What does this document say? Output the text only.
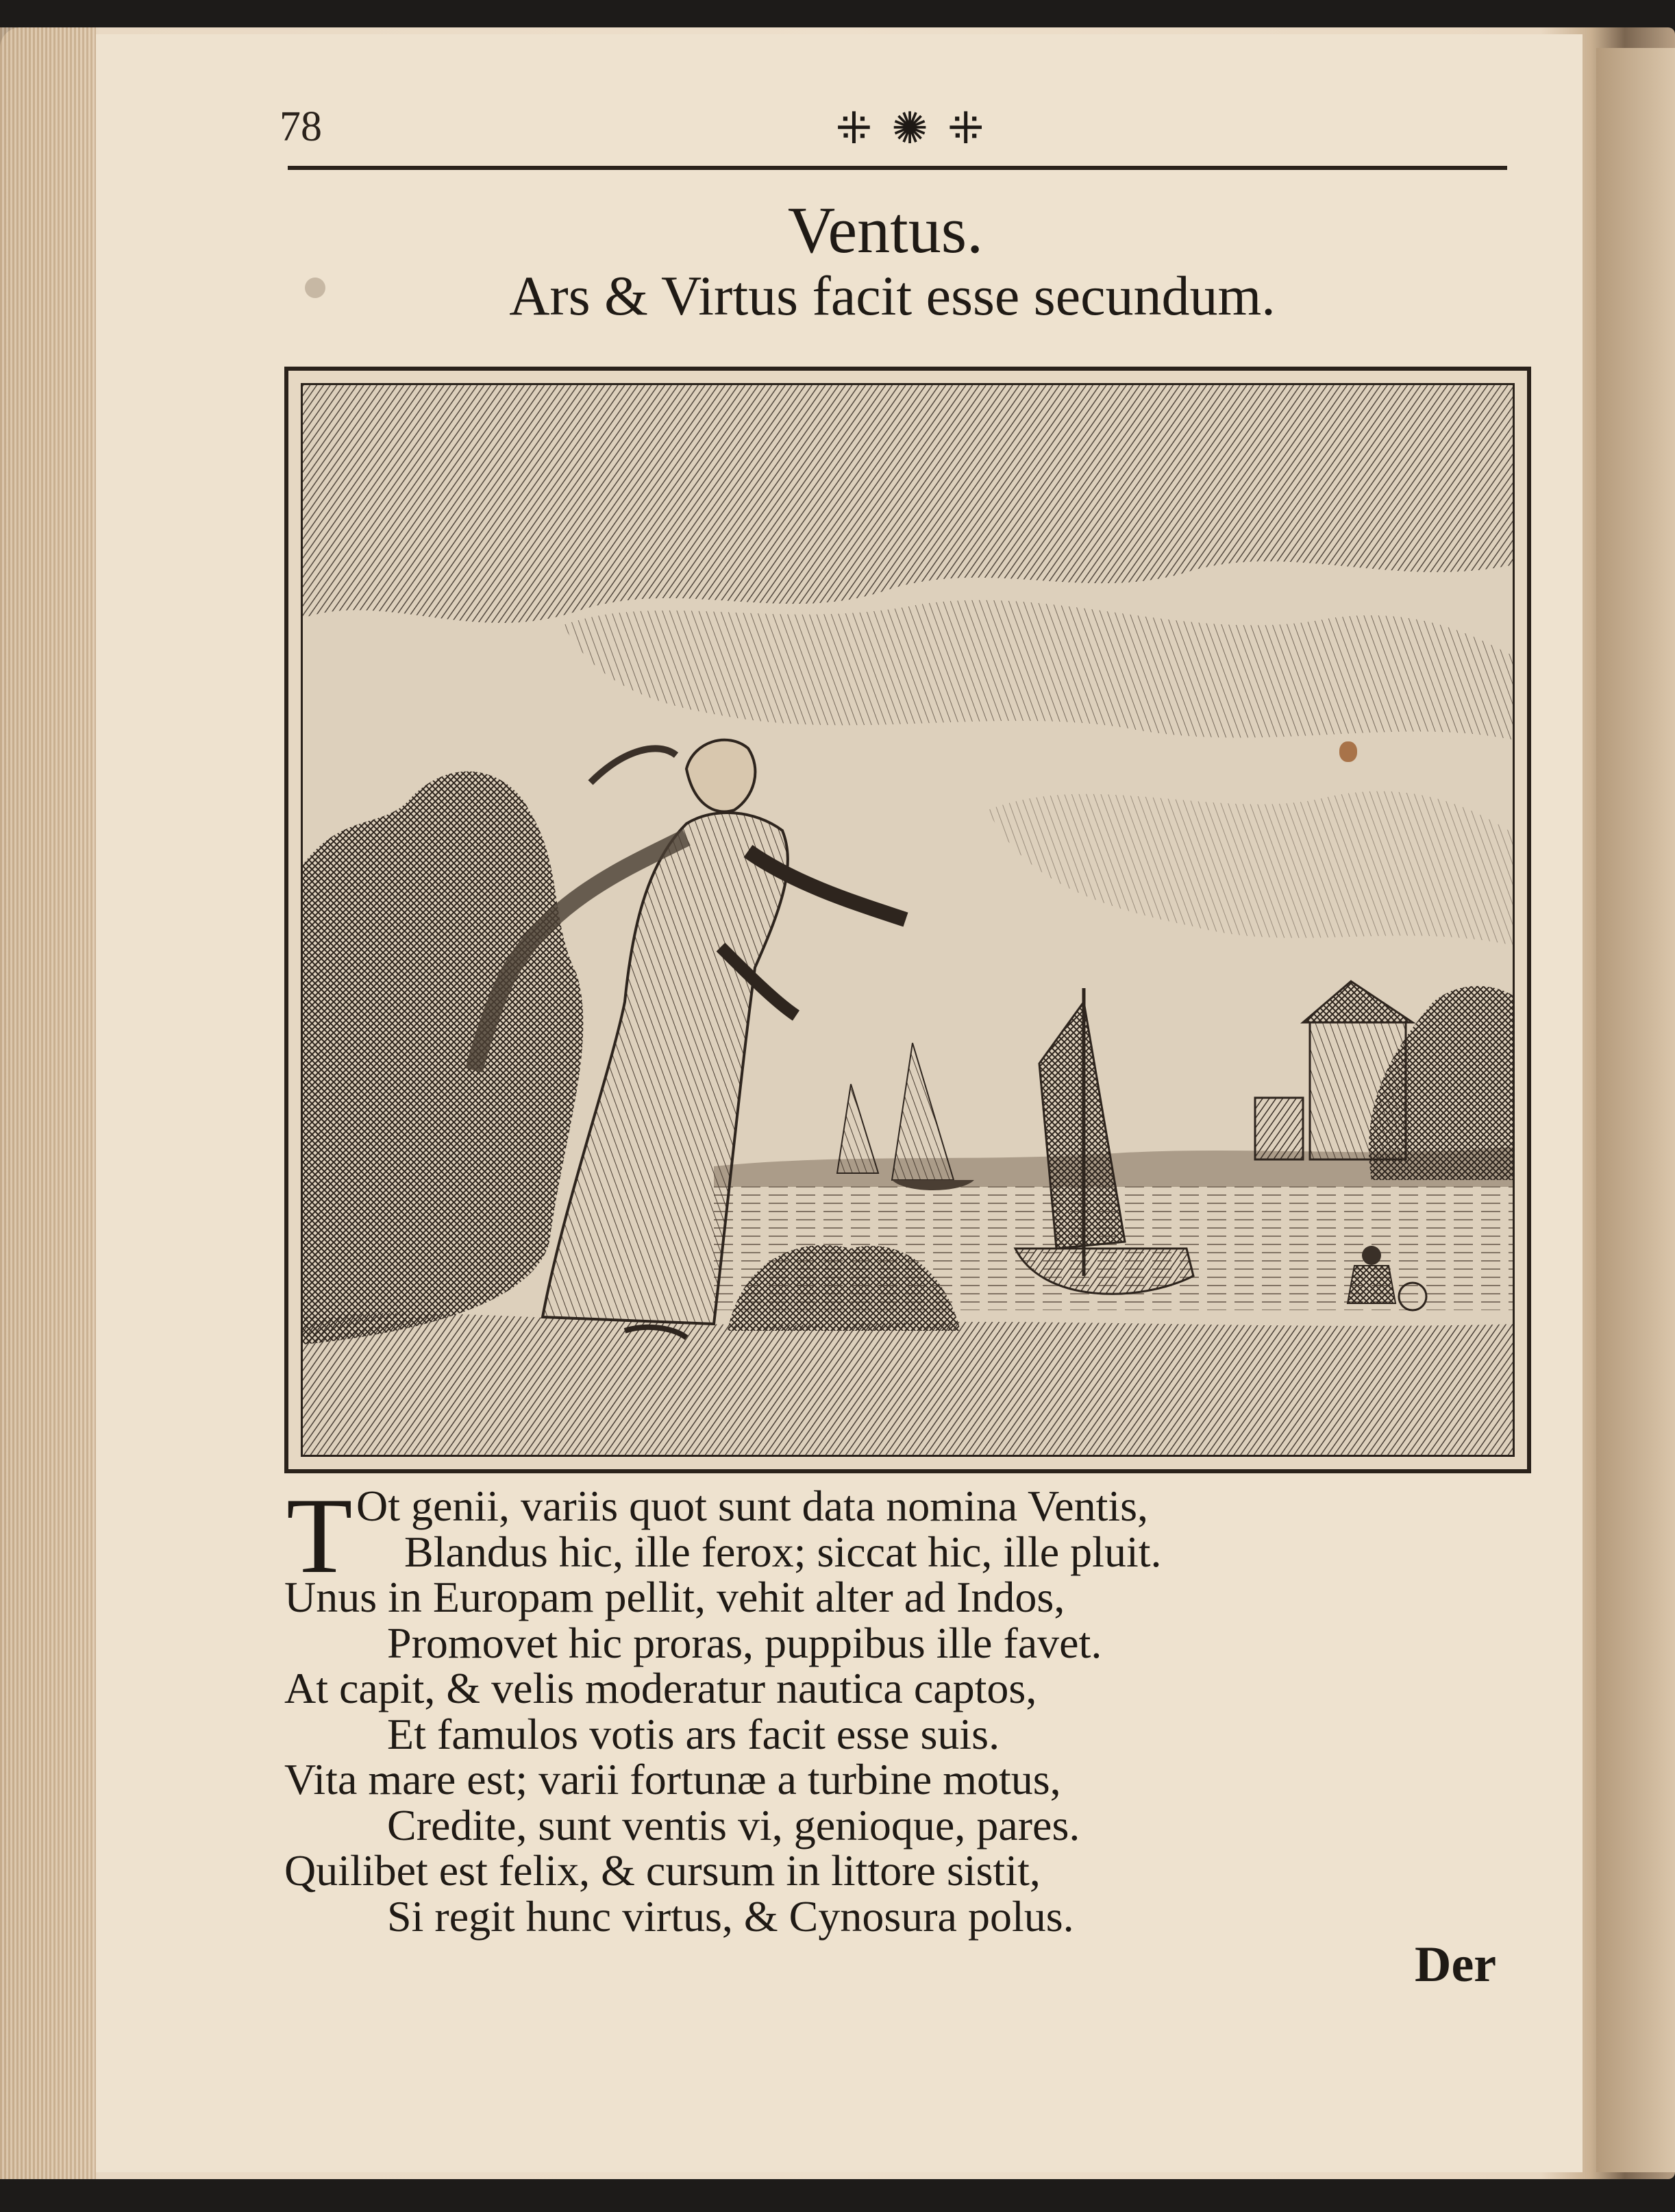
78	⁜ ✺ ⁜
Ventus.
Ars & Virtus facit esse secundum.
T Ot genii, variis quot sunt data nomina Ventis,
Blandus hic, ille ferox; siccat hic, ille pluit.
Unus in Europam pellit, vehit alter ad Indos,
Promovet hic proras, puppibus ille favet.
At capit, & velis moderatur nautica captos,
Et famulos votis ars facit esse suis.
Vita mare est; varii fortunæ a turbine motus,
Credite, sunt ventis vi, genioque, pares.
Quilibet est felix, & cursum in littore sistit,
Si regit hunc virtus, & Cynosura polus.
Der
